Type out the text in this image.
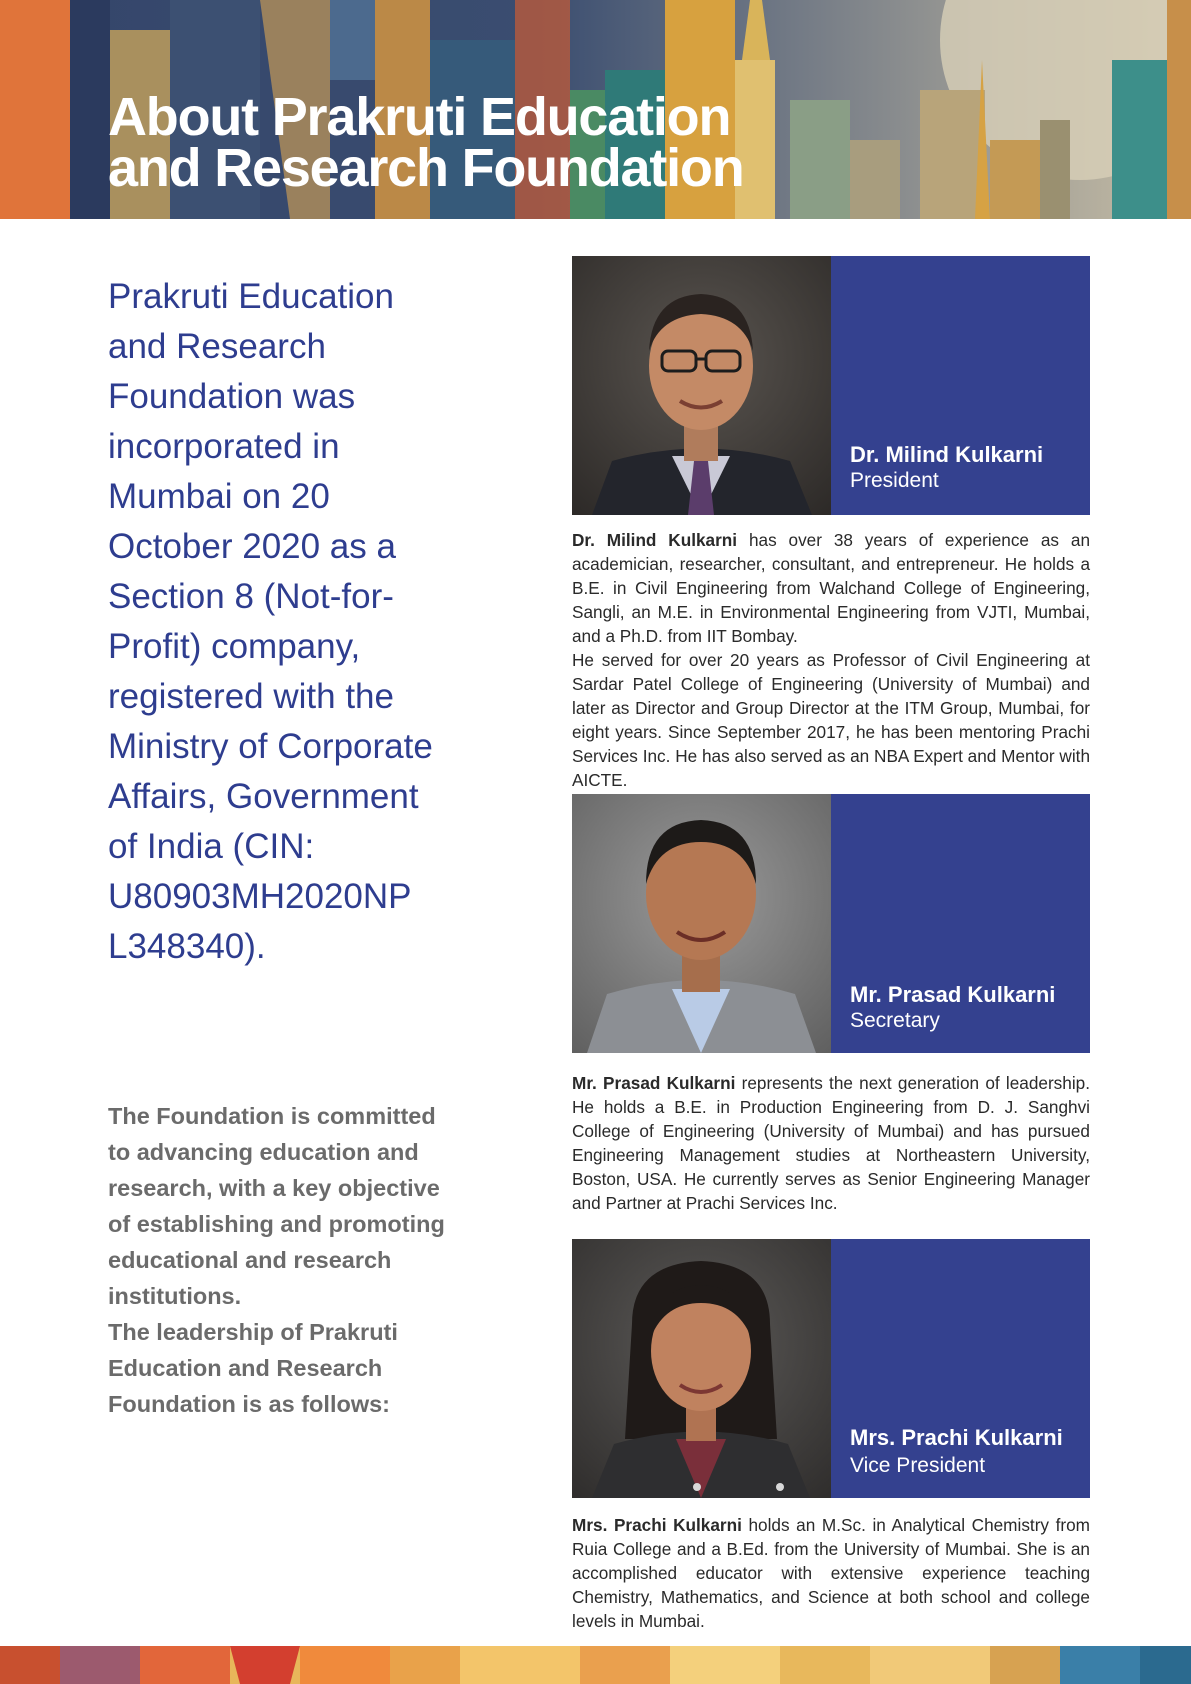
About Prakruti Education
and Research Foundation

Prakruti Education and Research Foundation was incorporated in Mumbai on 20 October 2020 as a Section 8 (Not-for-Profit) company, registered with the Ministry of Corporate Affairs, Government of India (CIN: U80903MH2020NP L348340).

The Foundation is committed to advancing education and research, with a key objective of establishing and promoting educational and research institutions.

The leadership of Prakruti Education and Research Foundation is as follows:

Dr. Milind Kulkarni
President

Dr. Milind Kulkarni has over 38 years of experience as an academician, researcher, consultant, and entrepreneur. He holds a B.E. in Civil Engineering from Walchand College of Engineering, Sangli, an M.E. in Environmental Engineering from VJTI, Mumbai, and a Ph.D. from IIT Bombay.

He served for over 20 years as Professor of Civil Engineering at Sardar Patel College of Engineering (University of Mumbai) and later as Director and Group Director at the ITM Group, Mumbai, for eight years. Since September 2017, he has been mentoring Prachi Services Inc. He has also served as an NBA Expert and Mentor with AICTE.

Mr. Prasad Kulkarni
Secretary

Mr. Prasad Kulkarni represents the next generation of leadership. He holds a B.E. in Production Engineering from D. J. Sanghvi College of Engineering (University of Mumbai) and has pursued Engineering Management studies at Northeastern University, Boston, USA. He currently serves as Senior Engineering Manager and Partner at Prachi Services Inc.

Mrs. Prachi Kulkarni
Vice President

Mrs. Prachi Kulkarni holds an M.Sc. in Analytical Chemistry from Ruia College and a B.Ed. from the University of Mumbai. She is an accomplished educator with extensive experience teaching Chemistry, Mathematics, and Science at both school and college levels in Mumbai.
